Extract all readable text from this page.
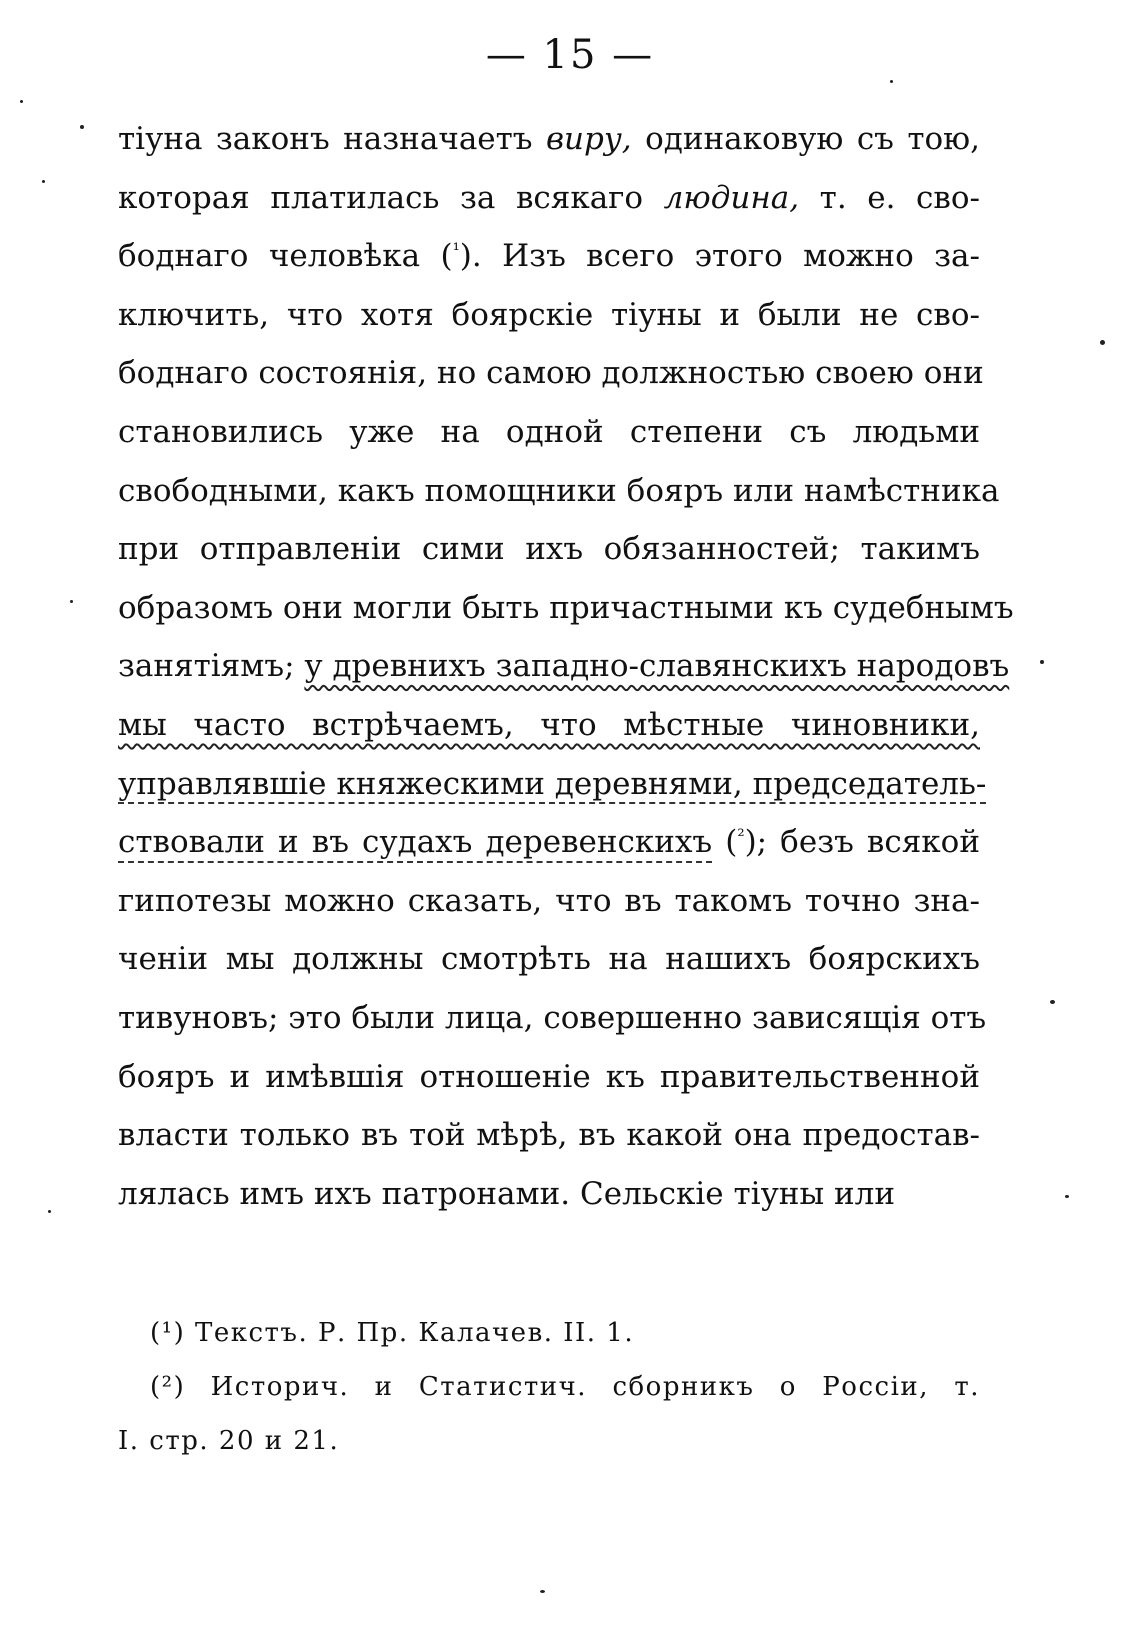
— 15 —
тiуна законъ назначаетъ виру, одинаковую съ тою,
которая платилась за всякаго людина, т. е. сво-
боднаго человѣка ($^{^1}$). Изъ всего этого можно за-
ключить, что хотя боярскiе тiуны и были не сво-
боднаго состоянiя, но самою должностью своею они
становились уже на одной степени съ людьми
свободными, какъ помощники бояръ или намѣстника
при отправленiи сими ихъ обязанностей; такимъ
образомъ они могли быть причастными къ судебнымъ
занятiямъ; у древнихъ западно-славянскихъ народовъ
мы часто встрѣчаемъ, что мѣстные чиновники,
управлявшiе княжескими деревнями, председатель-
ствовали и въ судахъ деревенскихъ ($^{^2}$); безъ всякой
гипотезы можно сказать, что въ такомъ точно зна-
ченiи мы должны смотрѣть на нашихъ боярскихъ
тивуновъ; это были лица, совершенно зависящiя отъ
бояръ и имѣвшiя отношенiе къ правительственной
власти только въ той мѣрѣ, въ какой она предостав-
лялась имъ ихъ патронами. Сельскiе тiуны или
(¹) Текстъ. Р. Пр. Калачев. II. 1.
(²) Историч. и Статистич. сборникъ о Россiи, т.
I. стр. 20 и 21.
